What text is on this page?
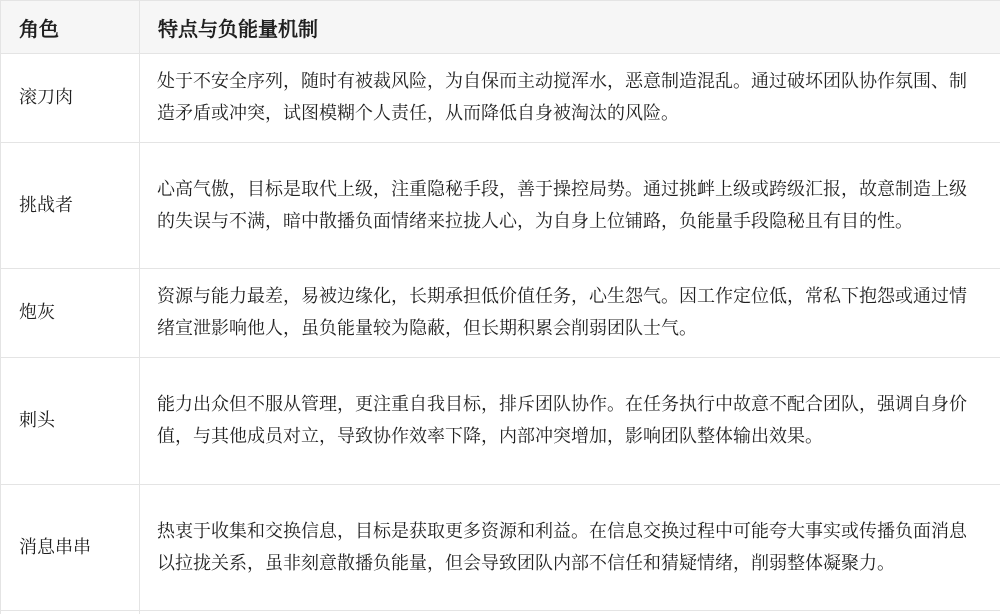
角色	特点与负能量机制
滚刀肉	处于不安全序列，随时有被裁风险，为自保而主动搅浑水，恶意制造混乱。通过破坏团队协作氛围、制造矛盾或冲突，试图模糊个人责任，从而降低自身被淘汰的风险。
挑战者	心高气傲，目标是取代上级，注重隐秘手段，善于操控局势。通过挑衅上级或跨级汇报，故意制造上级的失误与不满，暗中散播负面情绪来拉拢人心，为自身上位铺路，负能量手段隐秘且有目的性。
炮灰	资源与能力最差，易被边缘化，长期承担低价值任务，心生怨气。因工作定位低，常私下抱怨或通过情绪宣泄影响他人，虽负能量较为隐蔽，但长期积累会削弱团队士气。
刺头	能力出众但不服从管理，更注重自我目标，排斥团队协作。在任务执行中故意不配合团队，强调自身价值，与其他成员对立，导致协作效率下降，内部冲突增加，影响团队整体输出效果。
消息串串	热衷于收集和交换信息，目标是获取更多资源和利益。在信息交换过程中可能夸大事实或传播负面消息以拉拢关系，虽非刻意散播负能量，但会导致团队内部不信任和猜疑情绪，削弱整体凝聚力。
